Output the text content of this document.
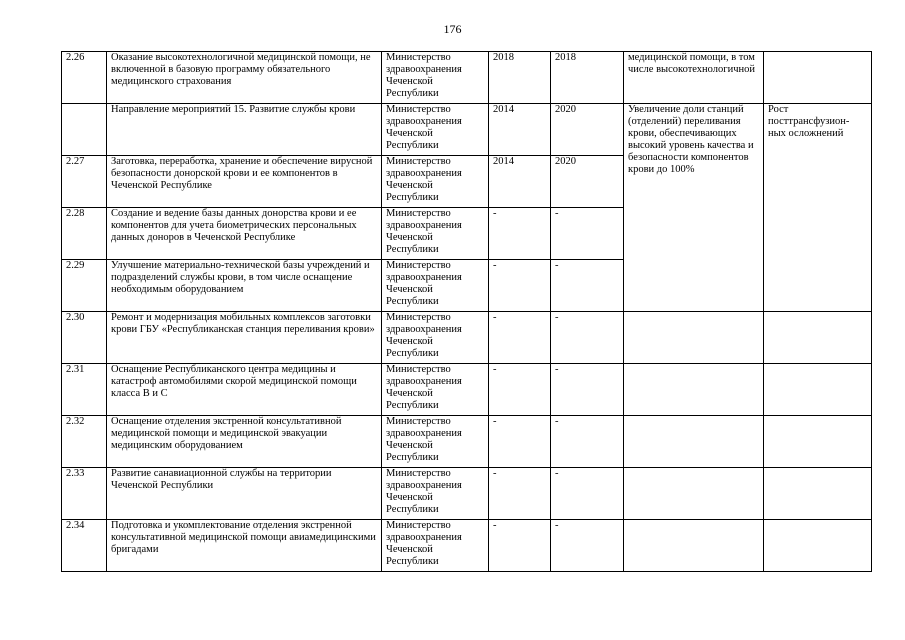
176
2.26	Оказание высокотехнологичной медицинской помощи, не включенной в базовую программу обязательного медицинского страхования	Министерство здравоохранения Чеченской Республики	2018	2018	медицинской помощи, в том числе высокотехнологичной	
	Направление мероприятий 15. Развитие службы крови	Министерство здравоохранения Чеченской Республики	2014	2020	Увеличение доли станций (отделений) переливания крови, обеспечивающих высокий уровень качества и безопасности компонентов крови до 100%	Рост посттрансфузион-ных осложнений
2.27	Заготовка, переработка, хранение и обеспечение вирусной безопасности донорской крови и ее компонентов в Чеченской Республике	Министерство здравоохранения Чеченской Республики	2014	2020		
2.28	Создание и ведение базы данных донорства крови и ее компонентов для учета биометрических персональных данных доноров в Чеченской Республике	Министерство здравоохранения Чеченской Республики	-	-		
2.29	Улучшение материально-технической базы учреждений и подразделений службы крови, в том числе оснащение необходимым оборудованием	Министерство здравоохранения Чеченской Республики	-	-		
2.30	Ремонт и модернизация мобильных комплексов заготовки крови ГБУ «Республиканская станция переливания крови»	Министерство здравоохранения Чеченской Республики	-	-		
2.31	Оснащение Республиканского центра медицины и катастроф автомобилями скорой медицинской помощи класса В и С	Министерство здравоохранения Чеченской Республики	-	-		
2.32	Оснащение отделения экстренной консультативной медицинской помощи и медицинской эвакуации медицинским оборудованием	Министерство здравоохранения Чеченской Республики	-	-		
2.33	Развитие санавиационной службы на территории Чеченской Республики	Министерство здравоохранения Чеченской Республики	-	-		
2.34	Подготовка и укомплектование отделения экстренной консультативной медицинской помощи авиамедицинскими бригадами	Министерство здравоохранения Чеченской Республики	-	-		
